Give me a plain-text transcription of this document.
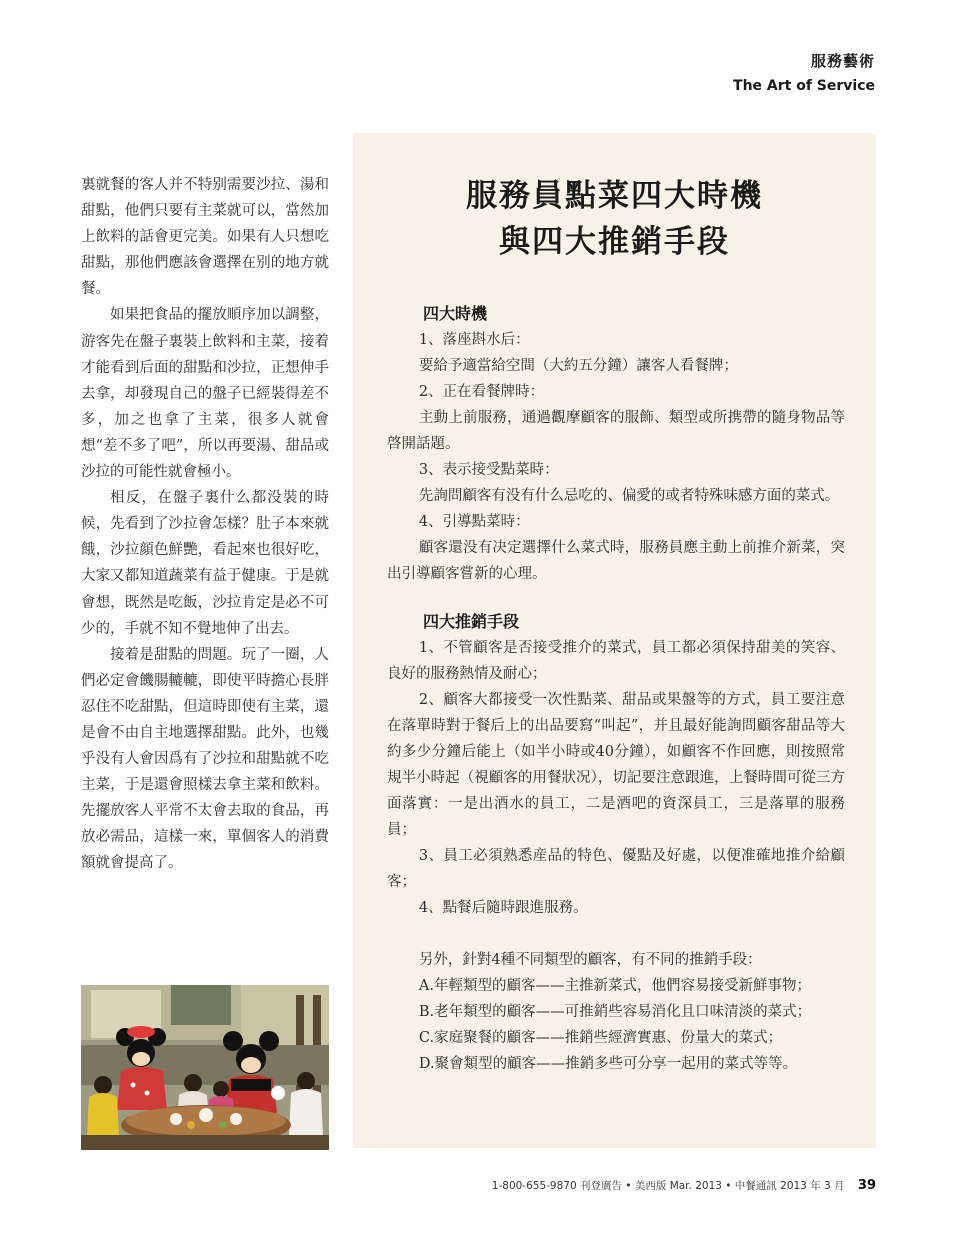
服務藝術
The Art of Service

裏就餐的客人并不特别需要沙拉、湯和甜點，他們只要有主菜就可以，當然加上飲料的話會更完美。如果有人只想吃甜點，那他們應該會選擇在别的地方就餐。

如果把食品的擺放順序加以調整，游客先在盤子裏裝上飲料和主菜，接着才能看到后面的甜點和沙拉，正想伸手去拿，却發現自己的盤子已經裝得差不多，加之也拿了主菜，很多人就會想“差不多了吧”，所以再要湯、甜品或沙拉的可能性就會極小。

相反，在盤子裏什么都没裝的時候，先看到了沙拉會怎樣？肚子本來就餓，沙拉顔色鮮艷，看起來也很好吃，大家又都知道蔬菜有益于健康。于是就會想，既然是吃飯，沙拉肯定是必不可少的，手就不知不覺地伸了出去。

接着是甜點的問題。玩了一圈，人們必定會饑腸轆轆，即使平時擔心長胖忍住不吃甜點，但這時即使有主菜，還是會不由自主地選擇甜點。此外，也幾乎没有人會因爲有了沙拉和甜點就不吃主菜，于是還會照樣去拿主菜和飲料。先擺放客人平常不太會去取的食品，再放必需品，這樣一來，單個客人的消費額就會提高了。

服務員點菜四大時機
與四大推銷手段
四大時機

1、落座斟水后：

要給予適當給空間（大約五分鐘）讓客人看餐牌；

2、正在看餐牌時：

主動上前服務，通過觀摩顧客的服飾、類型或所携帶的隨身物品等啓開話題。

3、表示接受點菜時：

先詢問顧客有没有什么忌吃的、偏愛的或者特殊味感方面的菜式。

4、引導點菜時：

顧客還没有决定選擇什么菜式時，服務員應主動上前推介新菜，突出引導顧客嘗新的心理。

四大推銷手段

1、不管顧客是否接受推介的菜式，員工都必須保持甜美的笑容、良好的服務熱情及耐心；

2、顧客大都接受一次性點菜、甜品或果盤等的方式，員工要注意在落單時對于餐后上的出品要寫“叫起”，并且最好能詢問顧客甜品等大約多少分鐘后能上（如半小時或40分鐘），如顧客不作回應，則按照常規半小時起（視顧客的用餐狀况），切記要注意跟進，上餐時間可從三方面落實：一是出酒水的員工，二是酒吧的資深員工，三是落單的服務員；

3、員工必須熟悉産品的特色、優點及好處，以便准確地推介給顧客；

4、點餐后隨時跟進服務。

另外，針對4種不同類型的顧客，有不同的推銷手段：

A.年輕類型的顧客——主推新菜式，他們容易接受新鮮事物；

B.老年類型的顧客——可推銷些容易消化且口味清淡的菜式；

C.家庭聚餐的顧客——推銷些經濟實惠、份量大的菜式；

D.聚會類型的顧客——推銷多些可分享一起用的菜式等等。

1-800-655-9870 刊登廣告 • 美西版 Mar. 2013 • 中餐通訊 2013 年 3 月 39
